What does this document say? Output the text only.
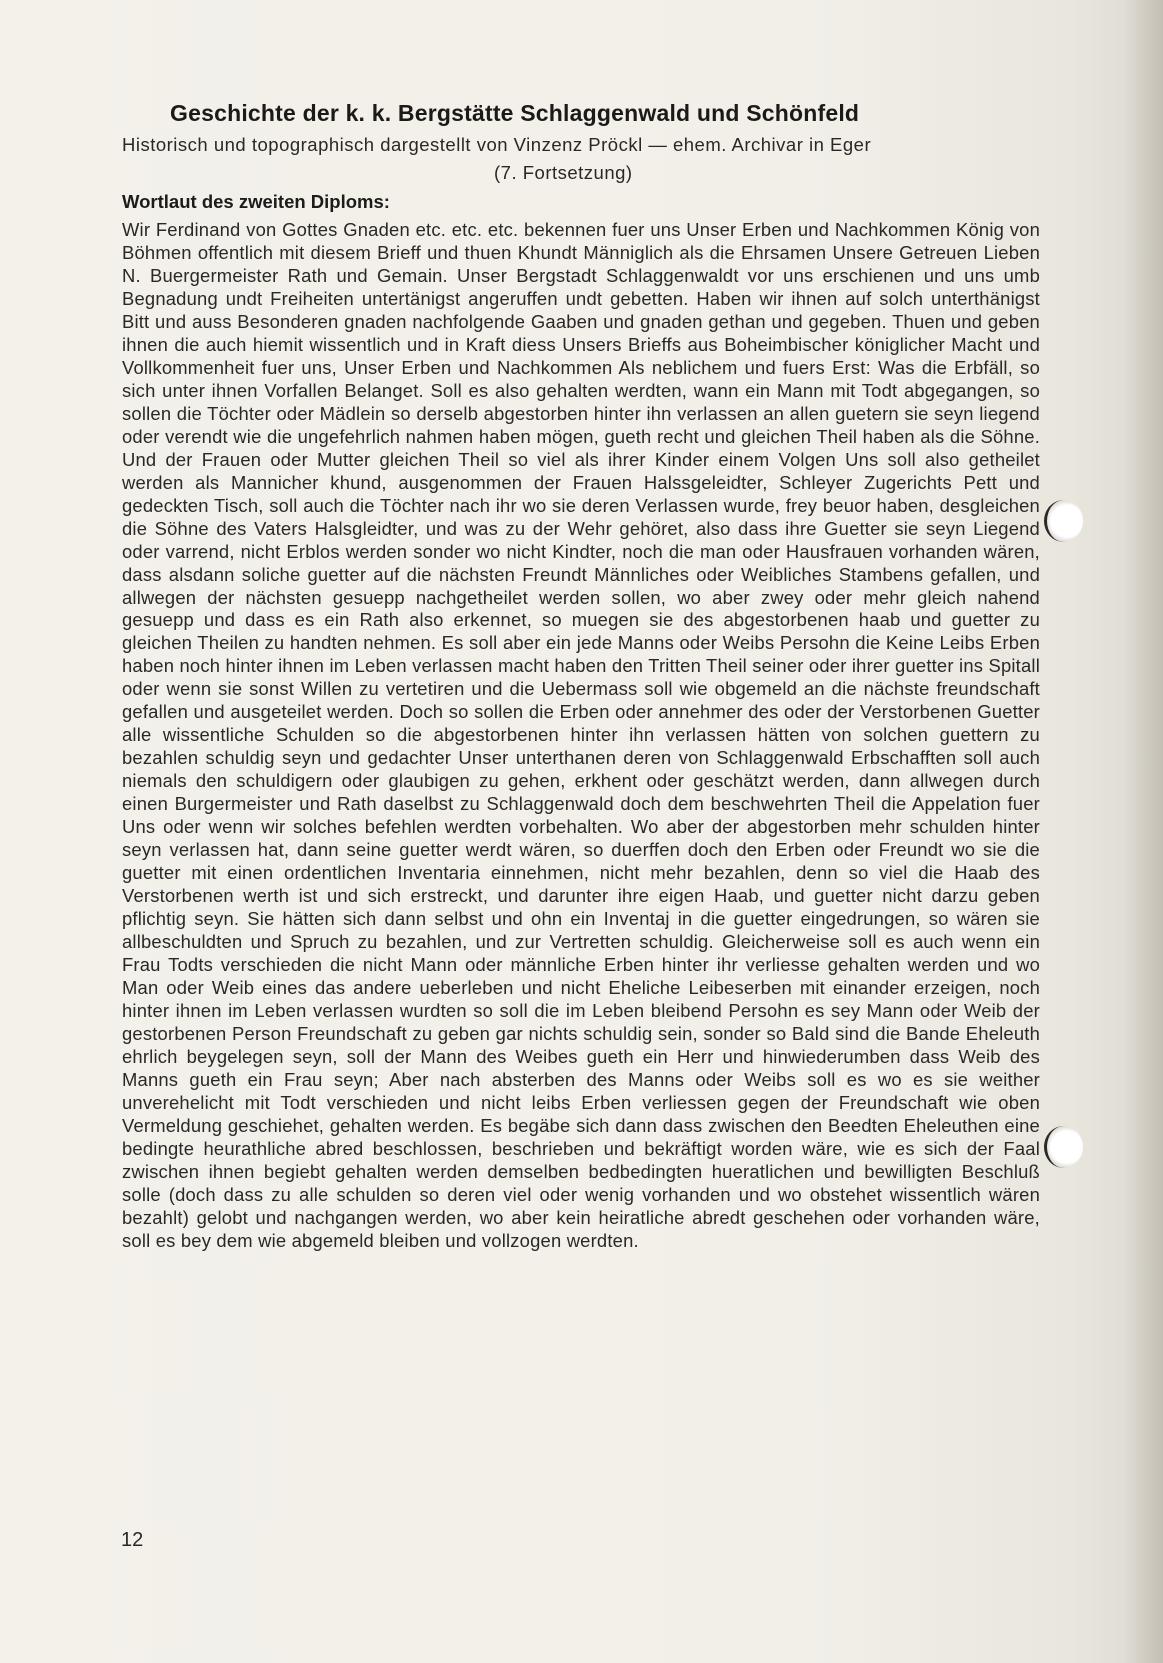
Geschichte der k. k. Bergstätte Schlaggenwald und Schönfeld
Historisch und topographisch dargestellt von Vinzenz Pröckl — ehem. Archivar in Eger
(7. Fortsetzung)
Wortlaut des zweiten Diploms:

Wir Ferdinand von Gottes Gnaden etc. etc. etc. bekennen fuer uns Unser Erben und Nachkommen König von Böhmen offentlich mit diesem Brieff und thuen Khundt Männiglich als die Ehrsamen Unsere Getreuen Lieben N. Buergermeister Rath und Gemain. Unser Bergstadt Schlaggenwaldt vor uns erschienen und uns umb Begnadung undt Freiheiten untertänigst angeruffen undt gebetten. Haben wir ihnen auf solch unterthänigst Bitt und auss Besonderen gnaden nachfolgende Gaaben und gnaden gethan und gegeben. Thuen und geben ihnen die auch hiemit wissentlich und in Kraft diess Unsers Brieffs aus Boheimbischer königlicher Macht und Vollkommenheit fuer uns, Unser Erben und Nachkommen Als neblichem und fuers Erst: Was die Erbfäll, so sich unter ihnen Vorfallen Belanget. Soll es also gehalten werdten, wann ein Mann mit Todt abgegangen, so sollen die Töchter oder Mädlein so derselb abgestorben hinter ihn verlassen an allen guetern sie seyn liegend oder verendt wie die ungefehrlich nahmen haben mögen, gueth recht und gleichen Theil haben als die Söhne. Und der Frauen oder Mutter gleichen Theil so viel als ihrer Kinder einem Volgen Uns soll also getheilet werden als Mannicher khund, ausgenommen der Frauen Halssgeleidter, Schleyer Zugerichts Pett und gedeckten Tisch, soll auch die Töchter nach ihr wo sie deren Verlassen wurde, frey beuor haben, desgleichen die Söhne des Vaters Halsgleidter, und was zu der Wehr gehöret, also dass ihre Guetter sie seyn Liegend oder varrend, nicht Erblos werden sonder wo nicht Kindter, noch die man oder Hausfrauen vorhanden wären, dass alsdann soliche guetter auf die nächsten Freundt Männliches oder Weibliches Stambens gefallen, und allwegen der nächsten gesuepp nachgetheilet werden sollen, wo aber zwey oder mehr gleich nahend gesuepp und dass es ein Rath also erkennet, so muegen sie des abgestorbenen haab und guetter zu gleichen Theilen zu handten nehmen. Es soll aber ein jede Manns oder Weibs Persohn die Keine Leibs Erben haben noch hinter ihnen im Leben verlassen macht haben den Tritten Theil seiner oder ihrer guetter ins Spitall oder wenn sie sonst Willen zu vertetiren und die Uebermass soll wie obgemeld an die nächste freundschaft gefallen und ausgeteilet werden. Doch so sollen die Erben oder annehmer des oder der Verstorbenen Guetter alle wissentliche Schulden so die abgestorbenen hinter ihn verlassen hätten von solchen guettern zu bezahlen schuldig seyn und gedachter Unser unterthanen deren von Schlaggenwald Erbschafften soll auch niemals den schuldigern oder glaubigen zu gehen, erkhent oder geschätzt werden, dann allwegen durch einen Burgermeister und Rath daselbst zu Schlaggenwald doch dem beschwehrten Theil die Appelation fuer Uns oder wenn wir solches befehlen werdten vorbehalten. Wo aber der abgestorben mehr schulden hinter seyn verlassen hat, dann seine guetter werdt wären, so duerffen doch den Erben oder Freundt wo sie die guetter mit einen ordentlichen Inventaria einnehmen, nicht mehr bezahlen, denn so viel die Haab des Verstorbenen werth ist und sich erstreckt, und darunter ihre eigen Haab, und guetter nicht darzu geben pflichtig seyn. Sie hätten sich dann selbst und ohn ein Inventaj in die guetter eingedrungen, so wären sie allbeschuldten und Spruch zu bezahlen, und zur Vertretten schuldig. Gleicherweise soll es auch wenn ein Frau Todts verschieden die nicht Mann oder männliche Erben hinter ihr verliesse gehalten werden und wo Man oder Weib eines das andere ueberleben und nicht Eheliche Leibeserben mit einander erzeigen, noch hinter ihnen im Leben verlassen wurdten so soll die im Leben bleibend Persohn es sey Mann oder Weib der gestorbenen Person Freundschaft zu geben gar nichts schuldig sein, sonder so Bald sind die Bande Eheleuth ehrlich beygelegen seyn, soll der Mann des Weibes gueth ein Herr und hinwiederumben dass Weib des Manns gueth ein Frau seyn; Aber nach absterben des Manns oder Weibs soll es wo es sie weither unverehelicht mit Todt verschieden und nicht leibs Erben verliessen gegen der Freundschaft wie oben Vermeldung geschiehet, gehalten werden. Es begäbe sich dann dass zwischen den Beedten Eheleuthen eine bedingte heurathliche abred beschlossen, beschrieben und bekräftigt worden wäre, wie es sich der Faal zwischen ihnen begiebt gehalten werden demselben bedbedingten hueratlichen und bewilligten Beschluß solle (doch dass zu alle schulden so deren viel oder wenig vorhanden und wo obstehet wissentlich wären bezahlt) gelobt und nachgangen werden, wo aber kein heiratliche abredt geschehen oder vorhanden wäre, soll es bey dem wie abgemeld bleiben und vollzogen werdten.

12
